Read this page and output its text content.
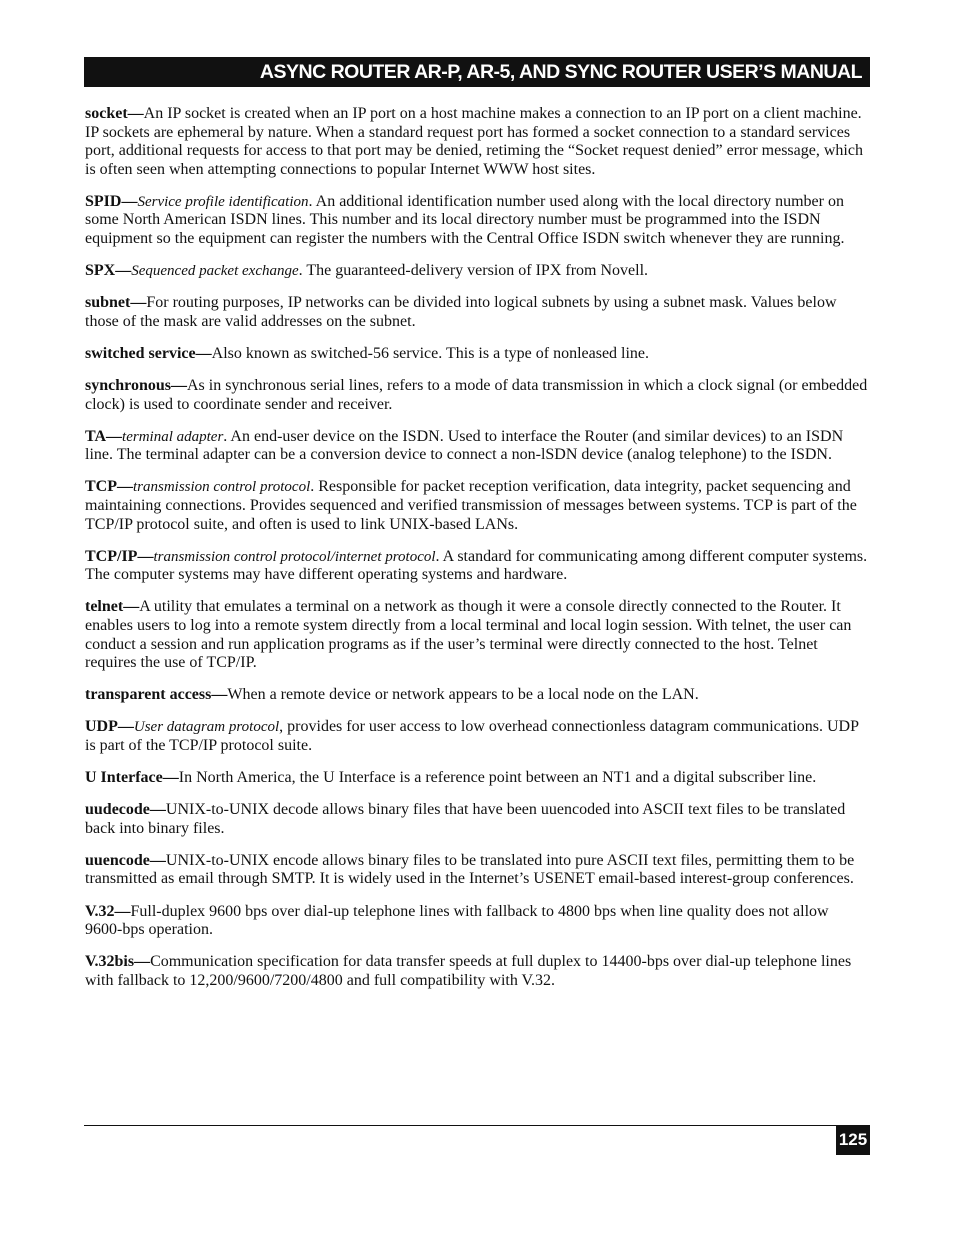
ASYNC ROUTER AR-P, AR-5, AND SYNC ROUTER USER’S MANUAL

socket—An IP socket is created when an IP port on a host machine makes a connection to an IP port on a client machine. IP sockets are ephemeral by nature. When a standard request port has formed a socket connection to a standard services port, additional requests for access to that port may be denied, retiming the “Socket request denied” error message, which is often seen when attempting connections to popular Internet WWW host sites.

SPID—Service profile identification. An additional identification number used along with the local directory number on some North American ISDN lines. This number and its local directory number must be programmed into the ISDN equipment so the equipment can register the numbers with the Central Office ISDN switch whenever they are running.

SPX—Sequenced packet exchange. The guaranteed-delivery version of IPX from Novell.

subnet—For routing purposes, IP networks can be divided into logical subnets by using a subnet mask. Values below those of the mask are valid addresses on the subnet.

switched service—Also known as switched-56 service. This is a type of nonleased line.

synchronous—As in synchronous serial lines, refers to a mode of data transmission in which a clock signal (or embedded clock) is used to coordinate sender and receiver.

TA—terminal adapter. An end-user device on the ISDN. Used to interface the Router (and similar devices) to an ISDN line. The terminal adapter can be a conversion device to connect a non-lSDN device (analog telephone) to the ISDN.

TCP—transmission control protocol. Responsible for packet reception verification, data integrity, packet sequencing and maintaining connections. Provides sequenced and verified transmission of messages between systems. TCP is part of the TCP/IP protocol suite, and often is used to link UNIX-based LANs.

TCP/IP—transmission control protocol/internet protocol. A standard for communicating among different computer systems. The computer systems may have different operating systems and hardware.

telnet—A utility that emulates a terminal on a network as though it were a console directly connected to the Router. It enables users to log into a remote system directly from a local terminal and local login session. With telnet, the user can conduct a session and run application programs as if the user’s terminal were directly connected to the host. Telnet requires the use of TCP/IP.

transparent access—When a remote device or network appears to be a local node on the LAN.

UDP—User datagram protocol, provides for user access to low overhead connectionless datagram communications. UDP is part of the TCP/IP protocol suite.

U Interface—In North America, the U Interface is a reference point between an NT1 and a digital subscriber line.

uudecode—UNIX-to-UNIX decode allows binary files that have been uuencoded into ASCII text files to be translated back into binary files.

uuencode—UNIX-to-UNIX encode allows binary files to be translated into pure ASCII text files, permitting them to be transmitted as email through SMTP. It is widely used in the Internet’s USENET email-based interest-group conferences.

V.32—Full-duplex 9600 bps over dial-up telephone lines with fallback to 4800 bps when line quality does not allow 9600-bps operation.

V.32bis—Communication specification for data transfer speeds at full duplex to 14400-bps over dial-up telephone lines with fallback to 12,200/9600/7200/4800 and full compatibility with V.32.

125
